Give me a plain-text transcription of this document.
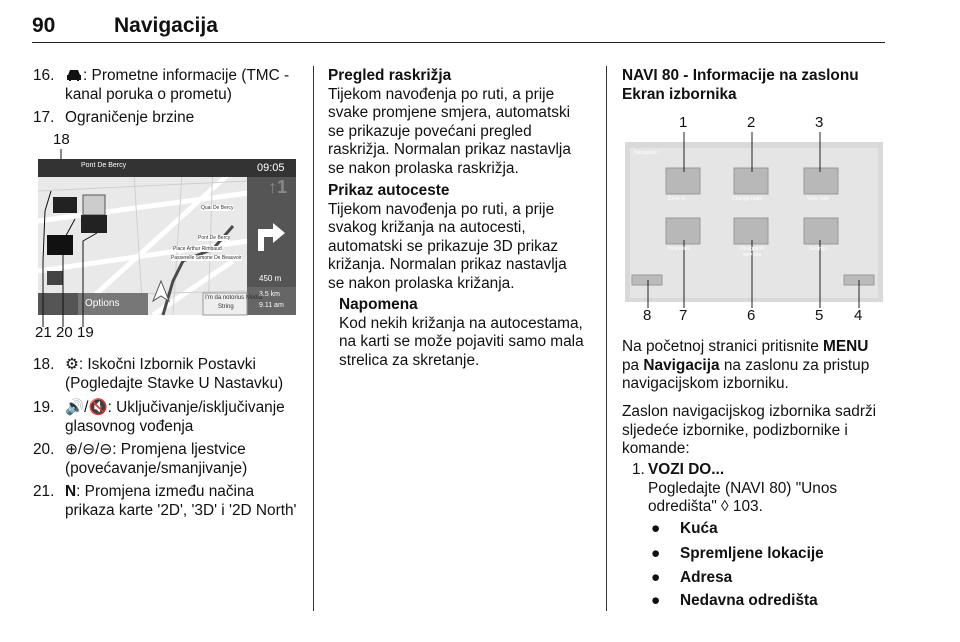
90	Navigacija
16.	: Prometne informacije (TMC -
kanal poruka o prometu)
17. Ograničenje brzine
↑1
18
21 20 19
Pont De Bercy	09:05
450 m
3.5 km
9.11 am
Options	I'm da notorius Media
String
Quai De Bercy
Pont De Bercy
Place Arthur Rimbaud
Passerelle Simone De Beauvoir
18. ⚙: Iskočni Izbornik Postavki
(Pogledajte Stavke U Nastavku)
19. 🔊/🔇: Uključivanje/isključivanje
glasovnog vođenja
20. ⊕/⊖/⊖: Promjena ljestvice
(povećavanje/smanjivanje)
21. N: Promjena između načina
prikaza karte '2D', '3D' i '2D North'
Pregled raskrižja
Tijekom navođenja po ruti, a prije
svake promjene smjera, automatski
se prikazuje povećani pregled
raskrižja. Normalan prikaz nastavlja
se nakon prolaska raskrižja.
Prikaz autoceste
Tijekom navođenja po ruti, a prije
svakog križanja na autocesti,
automatski se prikazuje 3D prikaz
križanja. Normalan prikaz nastavlja
se nakon prolaska križanja.
Napomena
Kod nekih križanja na autocestama,
na karti se može pojaviti samo mala
strelica za skretanje.
NAVI 80 - Informacije na zaslonu
Ekran izbornika
Navigation
Drive to...	Change route	View map
Itineraries	Navigation services
Settings
1	2	3
4
5
6
7
8
Na početnoj stranici pritisnite MENU
pa Navigacija na zaslonu za pristup
navigacijskom izborniku.
Zaslon navigacijskog izbornika sadrži
sljedeće izbornike, podizbornike i
komande:
1. VOZI DO...
Pogledajte (NAVI 80) "Unos
odredišta" ◊ 103.
● Kuća
● Spremljene lokacije
● Adresa
● Nedavna odredišta
